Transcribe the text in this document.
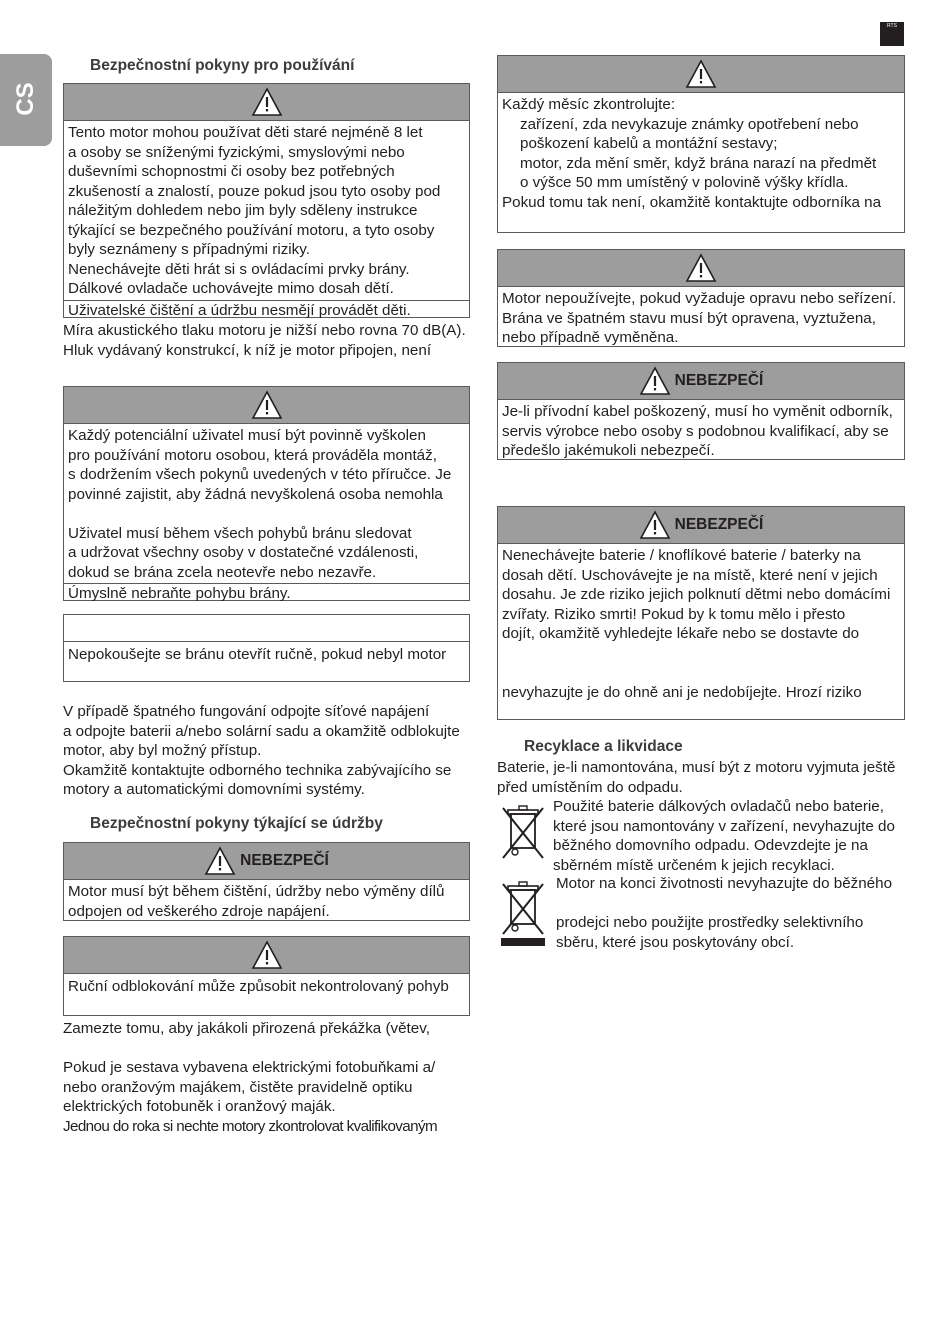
CS
RTS
Bezpečnostní pokyny pro používání
Tento motor mohou používat děti staré nejméně 8 let
a osoby se sníženými fyzickými, smyslovými nebo
duševními schopnostmi či osoby bez potřebných
zkušeností a znalostí, pouze pokud jsou tyto osoby pod
náležitým dohledem nebo jim byly sděleny instrukce
týkající se bezpečného používání motoru, a tyto osoby
byly seznámeny s případnými riziky.
Nenechávejte děti hrát si s ovládacími prvky brány.
Dálkové ovladače uchovávejte mimo dosah dětí.
Uživatelské čištění a údržbu nesmějí provádět děti.
Míra akustického tlaku motoru je nižší nebo rovna 70 dB(A).
Hluk vydávaný konstrukcí, k níž je motor připojen, není
Každý potenciální uživatel musí být povinně vyškolen
pro používání motoru osobou, která prováděla montáž,
s dodržením všech pokynů uvedených v této příručce. Je
povinné zajistit, aby žádná nevyškolená osoba nemohla
Uživatel musí během všech pohybů bránu sledovat
a udržovat všechny osoby v dostatečné vzdálenosti,
dokud se brána zcela neotevře nebo nezavře.
Úmyslně nebraňte pohybu brány.
Nepokoušejte se bránu otevřít ručně, pokud nebyl motor
V případě špatného fungování odpojte síťové napájení
a odpojte baterii a/nebo solární sadu a okamžitě odblokujte
motor, aby byl možný přístup.
Okamžitě kontaktujte odborného technika zabývajícího se
motory a automatickými domovními systémy.
Bezpečnostní pokyny týkající se údržby
NEBEZPEČÍ
Motor musí být během čištění, údržby nebo výměny dílů
odpojen od veškerého zdroje napájení.
Ruční odblokování může způsobit nekontrolovaný pohyb
Zamezte tomu, aby jakákoli přirozená překážka (větev,
Pokud je sestava vybavena elektrickými fotobuňkami a/
nebo oranžovým majákem, čistěte pravidelně optiku
elektrických fotobuněk i oranžový maják.
Jednou do roka si nechte motory zkontrolovat kvalifikovaným
Každý měsíc zkontrolujte:
zařízení, zda nevykazuje známky opotřebení nebo
poškození kabelů a montážní sestavy;
motor, zda mění směr, když brána narazí na předmět
o výšce 50 mm umístěný v polovině výšky křídla.
Pokud tomu tak není, okamžitě kontaktujte odborníka na
Motor nepoužívejte, pokud vyžaduje opravu nebo seřízení.
Brána ve špatném stavu musí být opravena, vyztužena,
nebo případně vyměněna.
NEBEZPEČÍ
Je-li přívodní kabel poškozený, musí ho vyměnit odborník,
servis výrobce nebo osoby s podobnou kvalifikací, aby se
předešlo jakémukoli nebezpečí.
NEBEZPEČÍ
Nenechávejte baterie / knoflíkové baterie / baterky na
dosah dětí. Uschovávejte je na místě, které není v jejich
dosahu. Je zde riziko jejich polknutí dětmi nebo domácími
zvířaty. Riziko smrti! Pokud by k tomu mělo i přesto
dojít, okamžitě vyhledejte lékaře nebo se dostavte do
nevyhazujte je do ohně ani je nedobíjejte. Hrozí riziko
Recyklace a likvidace
Baterie, je-li namontována, musí být z motoru vyjmuta ještě
před umístěním do odpadu.
Použité baterie dálkových ovladačů nebo baterie,
které jsou namontovány v zařízení, nevyhazujte do
běžného domovního odpadu. Odevzdejte je na
sběrném místě určeném k jejich recyklaci.
Motor na konci životnosti nevyhazujte do běžného
prodejci nebo použijte prostředky selektivního
sběru, které jsou poskytovány obcí.
